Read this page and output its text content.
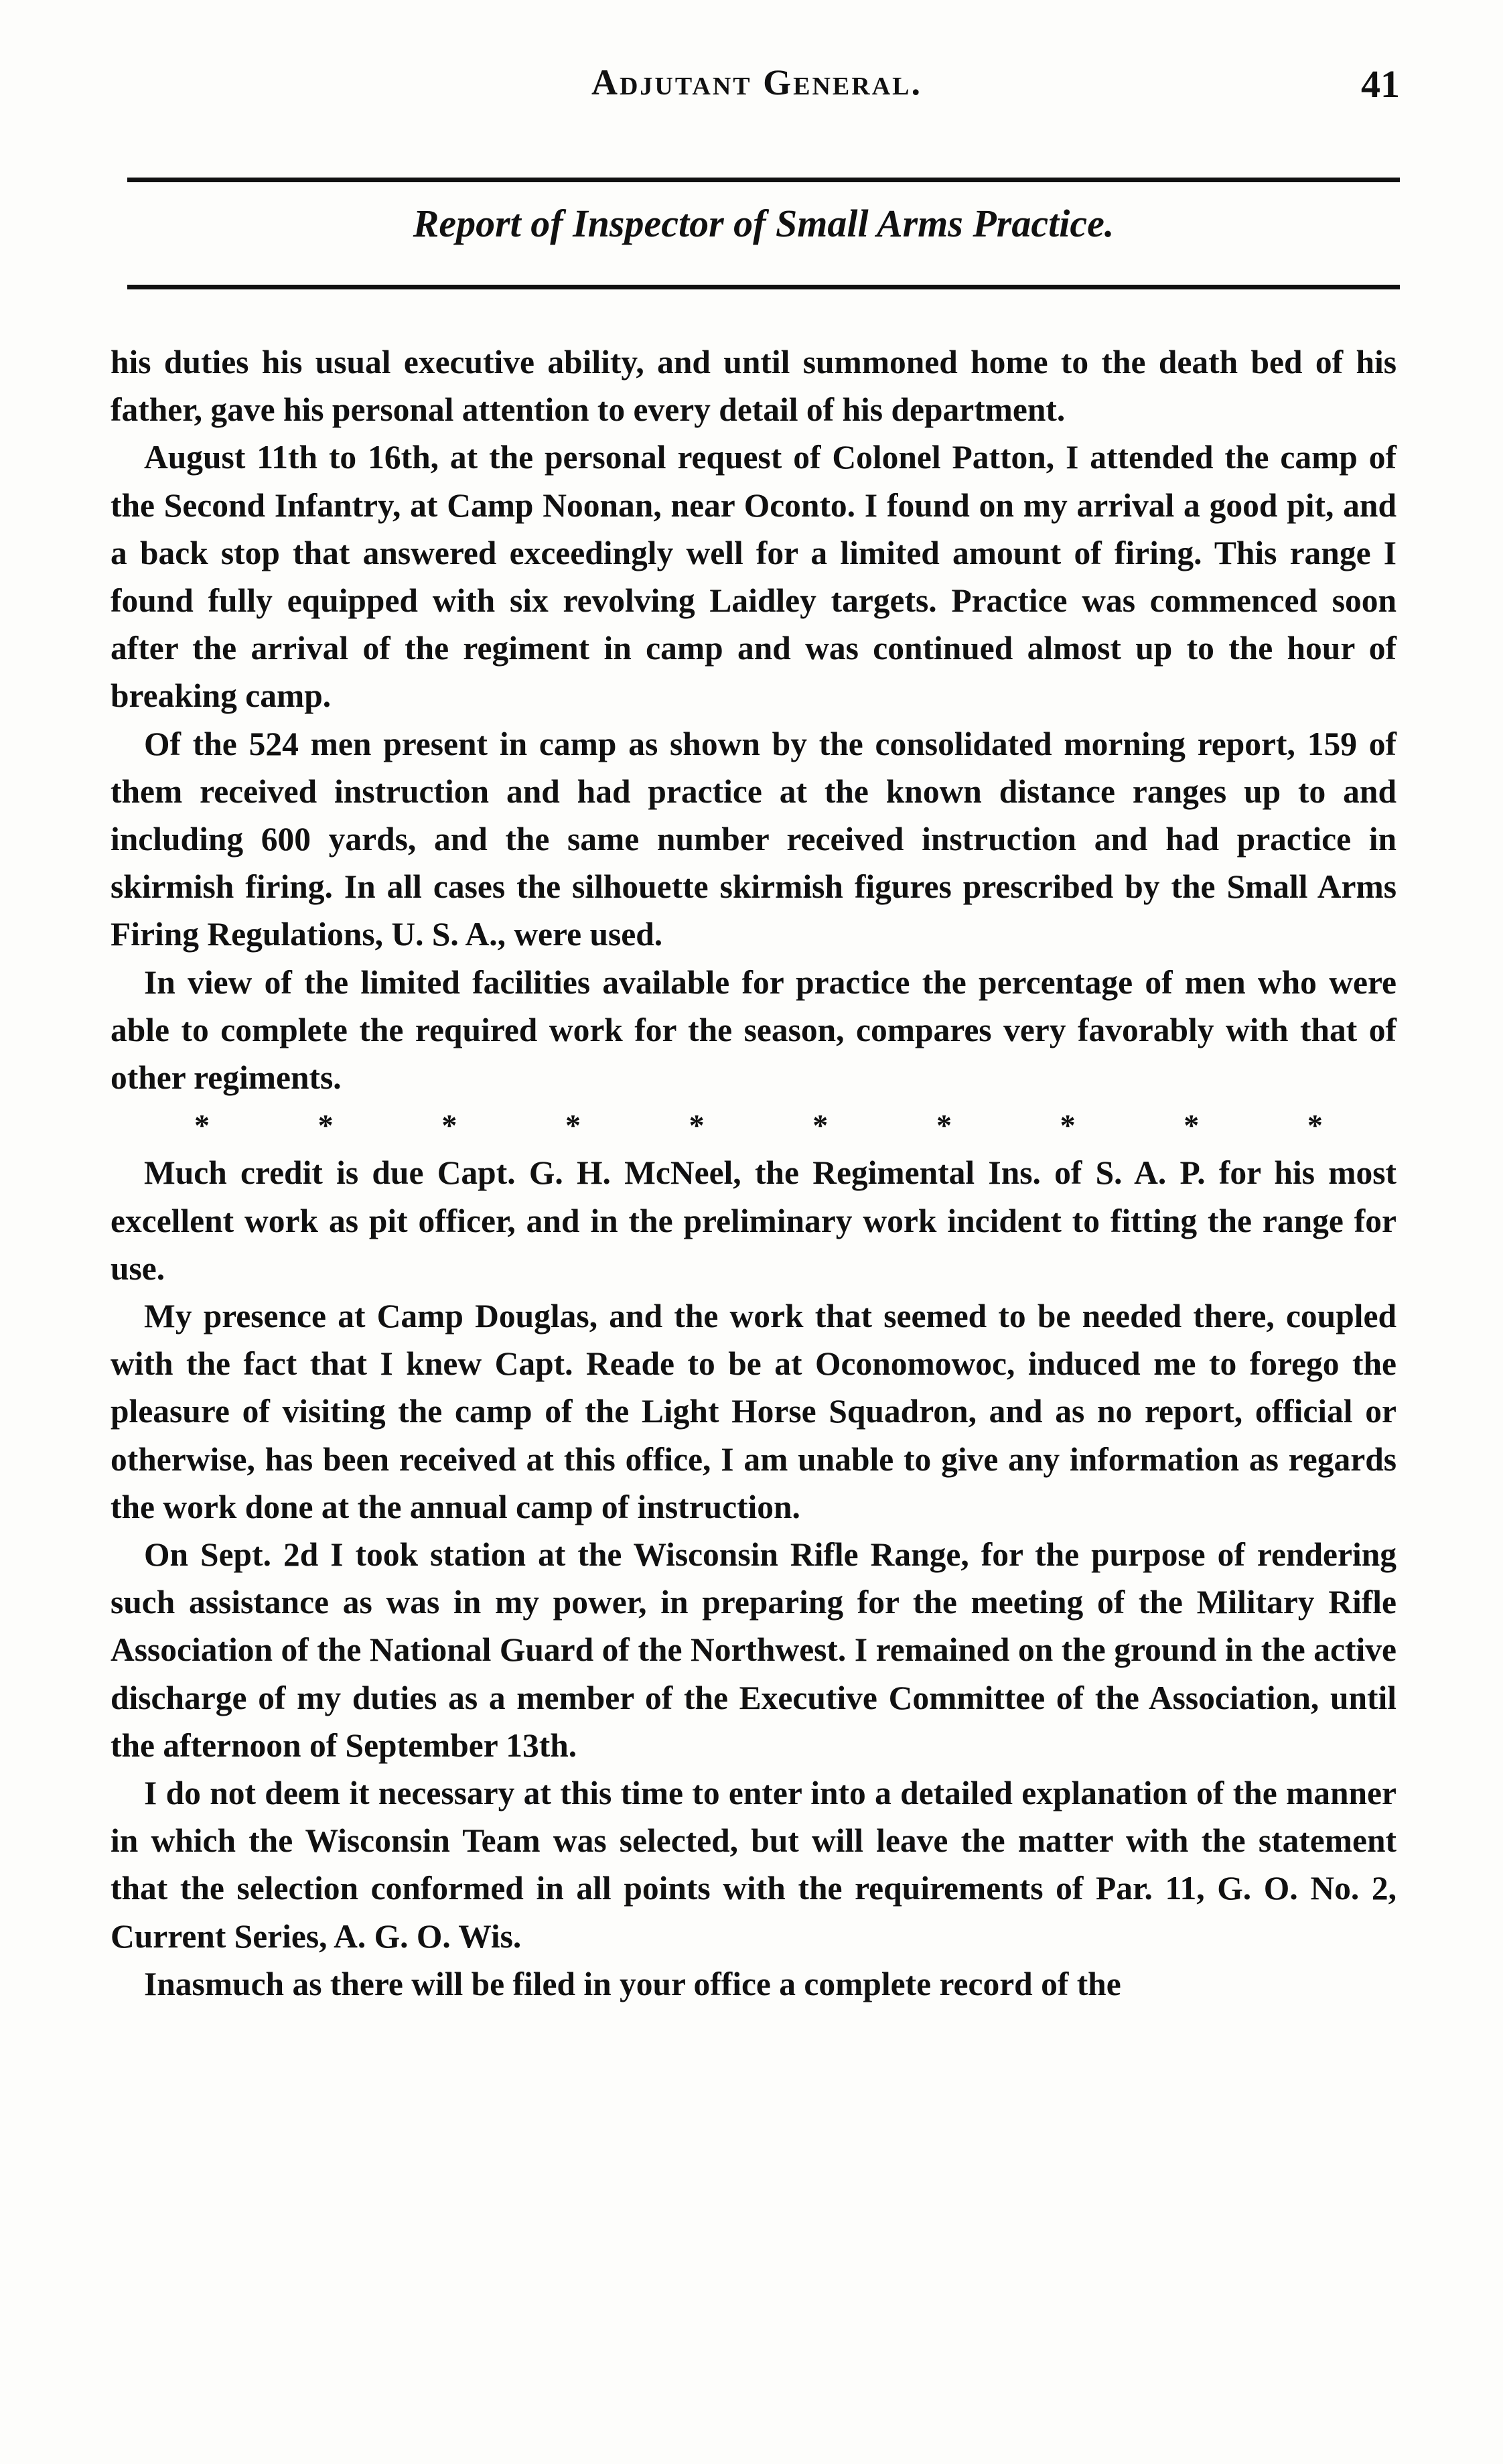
Adjutant General.	41
Report of Inspector of Small Arms Practice.

his duties his usual executive ability, and until summoned home to the death bed of his father, gave his personal attention to every detail of his department.

August 11th to 16th, at the personal request of Colonel Patton, I attended the camp of the Second Infantry, at Camp Noonan, near Oconto. I found on my arrival a good pit, and a back stop that answered exceedingly well for a limited amount of firing. This range I found fully equipped with six revolving Laidley targets. Practice was commenced soon after the arrival of the regiment in camp and was continued almost up to the hour of breaking camp.

Of the 524 men present in camp as shown by the consolidated morning report, 159 of them received instruction and had practice at the known distance ranges up to and including 600 yards, and the same number received instruction and had practice in skirmish firing. In all cases the silhouette skirmish figures prescribed by the Small Arms Firing Regulations, U. S. A., were used.

In view of the limited facilities available for practice the percentage of men who were able to complete the required work for the season, compares very favorably with that of other regiments.

*	*	*	*	*	*	*	*	*	*

Much credit is due Capt. G. H. McNeel, the Regimental Ins. of S. A. P. for his most excellent work as pit officer, and in the preliminary work incident to fitting the range for use.

My presence at Camp Douglas, and the work that seemed to be needed there, coupled with the fact that I knew Capt. Reade to be at Oconomowoc, induced me to forego the pleasure of visiting the camp of the Light Horse Squadron, and as no report, official or otherwise, has been received at this office, I am unable to give any information as regards the work done at the annual camp of instruction.

On Sept. 2d I took station at the Wisconsin Rifle Range, for the purpose of rendering such assistance as was in my power, in preparing for the meeting of the Military Rifle Association of the National Guard of the Northwest. I remained on the ground in the active discharge of my duties as a member of the Executive Committee of the Association, until the afternoon of September 13th.

I do not deem it necessary at this time to enter into a detailed explanation of the manner in which the Wisconsin Team was selected, but will leave the matter with the statement that the selection conformed in all points with the requirements of Par. 11, G. O. No. 2, Current Series, A. G. O. Wis.

Inasmuch as there will be filed in your office a complete record of the
